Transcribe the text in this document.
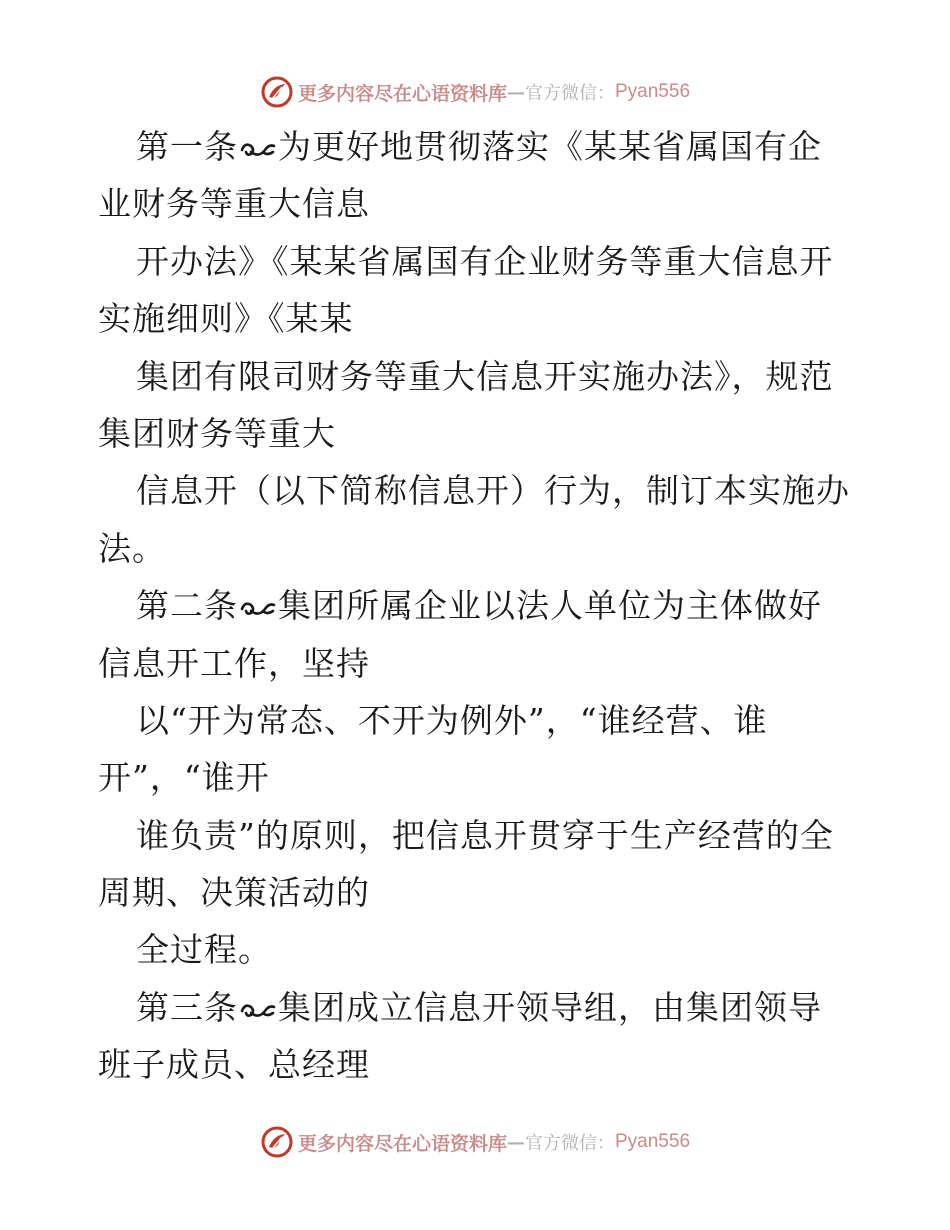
更多内容尽在心语资料库 — 官方微信： Pyan556
第一条 为更好地贯彻落实《某某省属国有企
业财务等重大信息
开办法》《某某省属国有企业财务等重大信息开
实施细则》《某某
集团有限司财务等重大信息开实施办法》，规范
集团财务等重大
信息开（以下简称信息开）行为，制订本实施办
法。
第二条 集团所属企业以法人单位为主体做好
信息开工作，坚持
以“开为常态、不开为例外”，“谁经营、谁
开”，“谁开
谁负责”的原则，把信息开贯穿于生产经营的全
周期、决策活动的
全过程。
第三条 集团成立信息开领导组，由集团领导
班子成员、总经理
更多内容尽在心语资料库 — 官方微信： Pyan556
